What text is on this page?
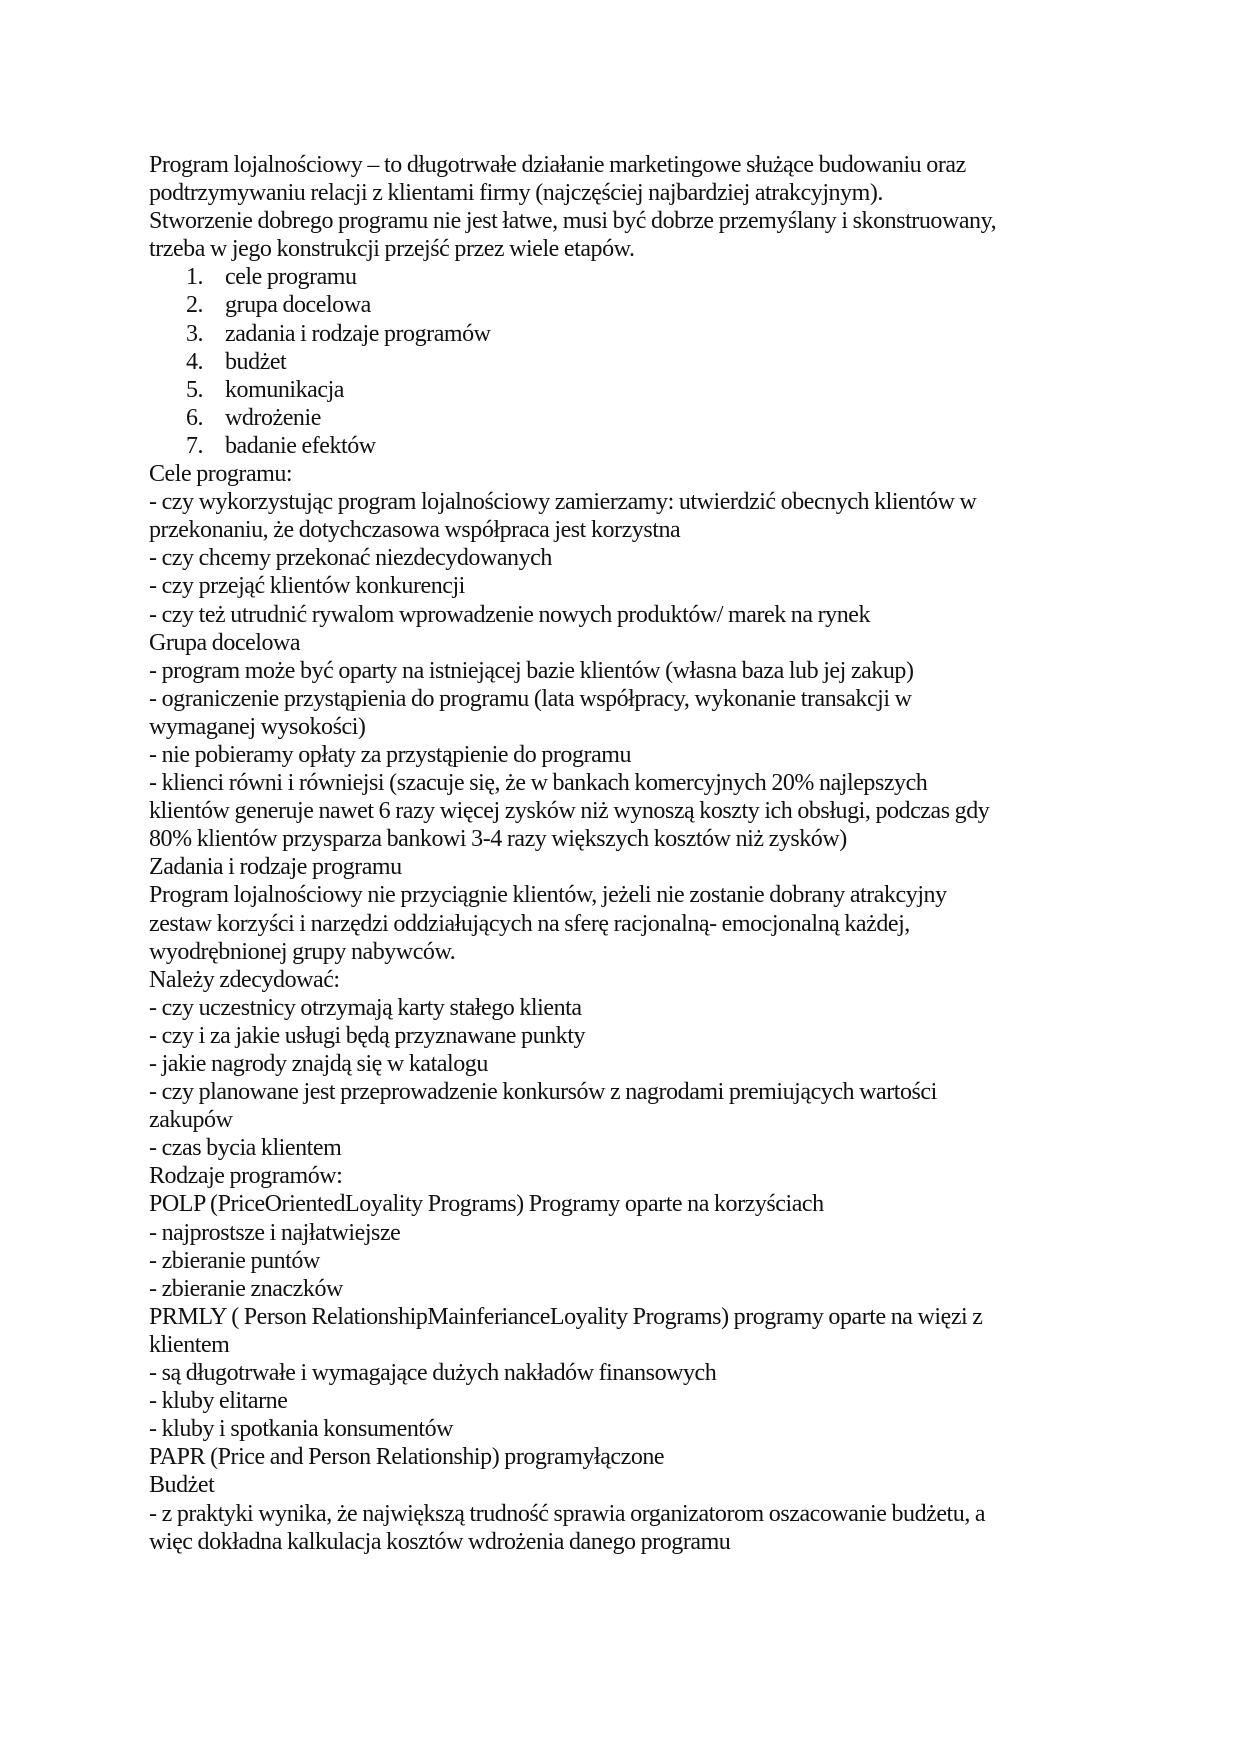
Program lojalnościowy – to długotrwałe działanie marketingowe służące budowaniu oraz
podtrzymywaniu relacji z klientami firmy (najczęściej najbardziej atrakcyjnym).
Stworzenie dobrego programu nie jest łatwe, musi być dobrze przemyślany i skonstruowany,
trzeba w jego konstrukcji przejść przez wiele etapów.
1. cele programu
2. grupa docelowa
3. zadania i rodzaje programów
4. budżet
5. komunikacja
6. wdrożenie
7. badanie efektów
Cele programu:
- czy wykorzystując program lojalnościowy zamierzamy: utwierdzić obecnych klientów w
przekonaniu, że dotychczasowa współpraca jest korzystna
- czy chcemy przekonać niezdecydowanych
- czy przejąć klientów konkurencji
- czy też utrudnić rywalom wprowadzenie nowych produktów/ marek na rynek
Grupa docelowa
- program może być oparty na istniejącej bazie klientów (własna baza lub jej zakup)
- ograniczenie przystąpienia do programu (lata współpracy, wykonanie transakcji w
wymaganej wysokości)
- nie pobieramy opłaty za przystąpienie do programu
- klienci równi i równiejsi (szacuje się, że w bankach komercyjnych 20% najlepszych
klientów generuje nawet 6 razy więcej zysków niż wynoszą koszty ich obsługi, podczas gdy
80% klientów przysparza bankowi 3-4 razy większych kosztów niż zysków)
Zadania i rodzaje programu
Program lojalnościowy nie przyciągnie klientów, jeżeli nie zostanie dobrany atrakcyjny
zestaw korzyści i narzędzi oddziałujących na sferę racjonalną- emocjonalną każdej,
wyodrębnionej grupy nabywców.
Należy zdecydować:
- czy uczestnicy otrzymają karty stałego klienta
- czy i za jakie usługi będą przyznawane punkty
- jakie nagrody znajdą się w katalogu
- czy planowane jest przeprowadzenie konkursów z nagrodami premiujących wartości
zakupów
- czas bycia klientem
Rodzaje programów:
POLP (PriceOrientedLoyality Programs) Programy oparte na korzyściach
- najprostsze i najłatwiejsze
- zbieranie puntów
- zbieranie znaczków
PRMLY ( Person RelationshipMainferianceLoyality Programs) programy oparte na więzi z
klientem
- są długotrwałe i wymagające dużych nakładów finansowych
- kluby elitarne
- kluby i spotkania konsumentów
PAPR (Price and Person Relationship) programyłączone
Budżet
- z praktyki wynika, że największą trudność sprawia organizatorom oszacowanie budżetu, a
więc dokładna kalkulacja kosztów wdrożenia danego programu
